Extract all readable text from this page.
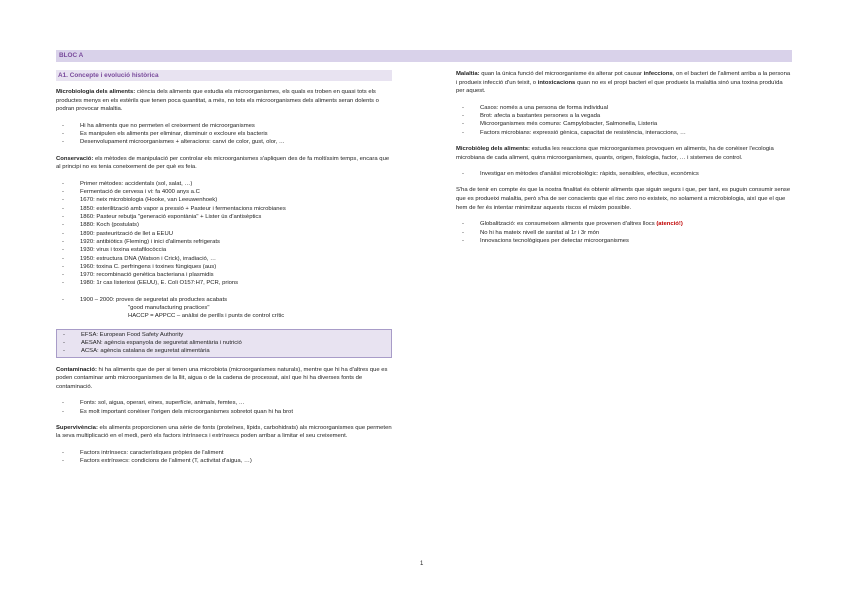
BLOC A
A1. Concepte i evolució històrica

Microbiologia dels aliments: ciència dels aliments que estudia els microorganismes, els quals es troben en quasi tots els productes menys en els estèrils que tenen poca quantitat, a més, no tots els microorganismes dels aliments seran dolents o podran provocar malaltia.

- Hi ha aliments que no permeten el creixement de microorganismes
- Es manipulen els aliments per eliminar, disminuir o excloure els bacteris
- Desenvolupament microorganismes + alteracions: canvi de color, gust, olor, …

Conservació: els mètodes de manipulació per controlar els microorganismes s'apliquen des de fa moltíssim temps, encara que al principi no es tenia coneixement de per què es feia.

- Primer mètodes: accidentals (sol, salat, …)
- Fermentació de cervesa i vi: fa 4000 anys a.C
- 1670: neix microbiologia (Hooke, van Leeuwenhoek)
- 1850: esterilització amb vapor a pressió + Pasteur i fermentacions microbianes
- 1860: Pasteur rebutja "generació espontània" + Lister ús d'antisèptics
- 1880: Koch (postulats)
- 1890: pasteurització de llet a EEUU
- 1920: antibiòtics (Fleming) i inici d'aliments refrigerats
- 1930: virus i toxina estafilocòccia
- 1950: estructura DNA (Watson i Crick), irradiació, …
- 1960: toxina C. perfringens i toxines fúngiques (aus)
- 1970: recombinació genètica bacteriana i plasmidis
- 1980: 1r cas listeriosi (EEUU), E. Coli O157:H7, PCR, prions
- 1900 – 2000: proves de seguretat als productes acabats
"good manufacturing practices"
HACCP = APPCC – anàlisi de perills i punts de control crític
- EFSA: European Food Safety Authority
- AESAN: agència espanyola de seguretat alimentària i nutrició
- ACSA: agència catalana de seguretat alimentària

Contaminació: hi ha aliments que de per si tenen una microbiota (microorganismes naturals), mentre que hi ha d'altres que es poden contaminar amb microorganismes de la llit, aigua o de la cadena de processat, així que hi ha diverses fonts de contaminació.

- Fonts: sol, aigua, operari, eines, superfície, animals, femtes, …
- Es molt important conèixer l'origen dels microorganismes sobretot quan hi ha brot

Supervivència: els aliments proporcionen una sèrie de fonts (proteïnes, lípids, carbohidrats) als microorganismes que permeten la seva multiplicació en el medi, però els factors intrínsecs i extrínsecs poden arribar a limitar el seu creixement.

- Factors intrínsecs: característiques pròpies de l'aliment
- Factors extrínsecs: condicions de l'aliment (T, activitat d'aigua, …)

Malaltia: quan la única funció del microorganisme és alterar pot causar infeccions, on el bacteri de l'aliment arriba a la persona i produeix infecció d'un teixit, o intoxicacions quan no es el propi bacteri el que produeix la malaltia sinó una toxina produïda per aquest.

- Casos: només a una persona de forma individual
- Brot: afecta a bastantes persones a la vegada
- Microorganismes més comuns: Campylobacter, Salmonella, Listeria
- Factors microbians: expressió gènica, capacitat de resistència, interaccions, …

Microbiòleg dels aliments: estudia les reaccions que microorganismes provoquen en aliments, ha de conèixer l'ecologia microbiana de cada aliment, quins microorganismes, quants, origen, fisiologia, factor, … i sistemes de control.

- Investigar en mètodes d'anàlisi microbiològic: ràpids, sensibles, efectius, econòmics

S'ha de tenir en compte és que la nostra finalitat és obtenir aliments que siguin segurs i que, per tant, es puguin consumir sense que es produeixi malaltia, però s'ha de ser conscients que el risc zero no existeix, no solament a microbiologia, així que el que hem de fer és intentar minimitzar aquests riscos el màxim possible.

- Globalització: es consumeixen aliments que provenen d'altres llocs (atenció!)
- No hi ha mateix nivell de sanitat al 1r i 3r món
- Innovacions tecnològiques per detectar microorganismes
1
